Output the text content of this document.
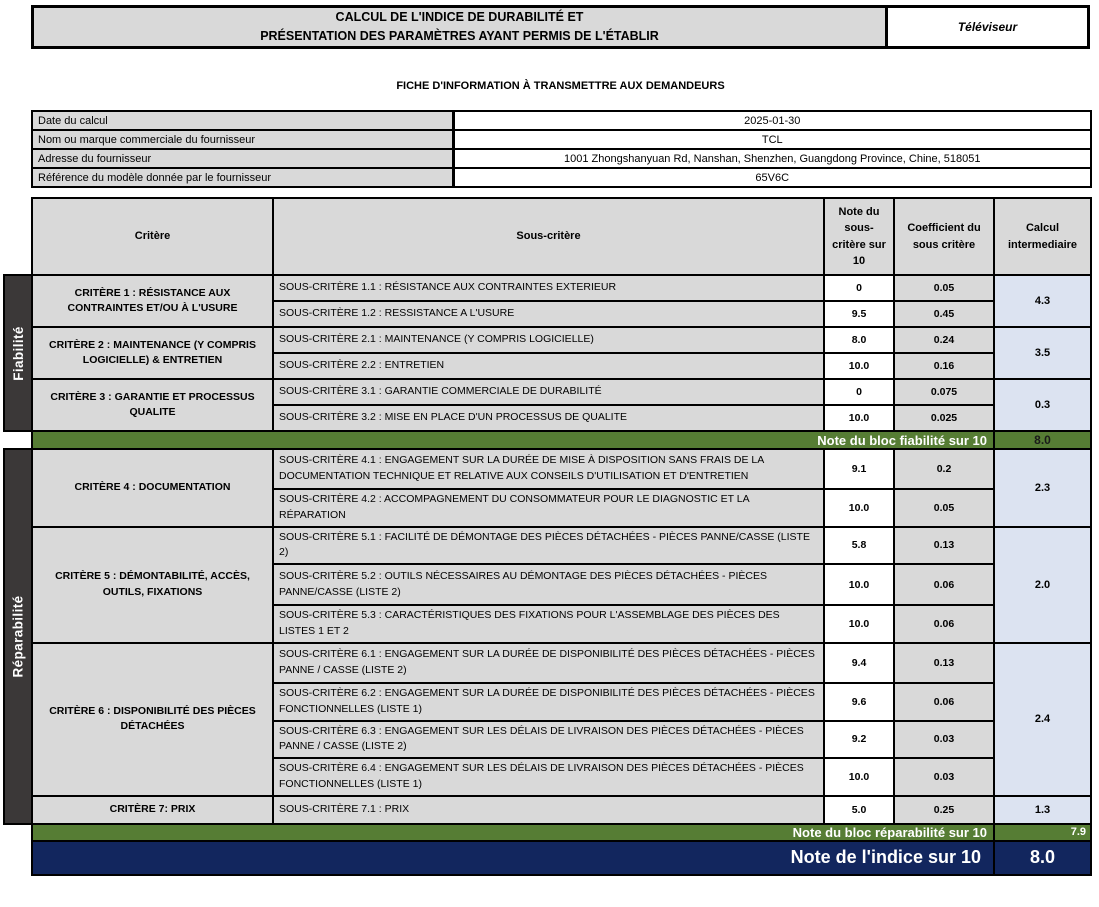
CALCUL DE L'INDICE DE DURABILITÉ ET
PRÉSENTATION DES PARAMÈTRES AYANT PERMIS DE L'ÉTABLIR
Téléviseur
FICHE D'INFORMATION À TRANSMETTRE AUX DEMANDEURS
Date du calcul	2025-01-30
Nom ou marque commerciale du fournisseur	TCL
Adresse du fournisseur	1001 Zhongshanyuan Rd, Nanshan, Shenzhen, Guangdong Province, Chine, 518051
Référence du modèle donnée par le fournisseur	65V6C
	Critère	Sous-critère	Note du sous-critère sur 10	Coefficient du sous critère	Calcul intermediaire

Fiabilité	CRITÈRE 1 : RÉSISTANCE AUX CONTRAINTES ET/OU À L'USURE	SOUS-CRITÈRE 1.1 : RÉSISTANCE AUX CONTRAINTES EXTERIEUR	0	0.05	4.3
		SOUS-CRITÈRE 1.2 : RESSISTANCE A L'USURE	9.5	0.45	
	CRITÈRE 2 : MAINTENANCE (Y COMPRIS LOGICIELLE) & ENTRETIEN	SOUS-CRITÈRE 2.1 : MAINTENANCE (Y COMPRIS LOGICIELLE)	8.0	0.24	3.5
		SOUS-CRITÈRE 2.2 : ENTRETIEN	10.0	0.16	
	CRITÈRE 3 : GARANTIE ET PROCESSUS QUALITE	SOUS-CRITÈRE 3.1 : GARANTIE COMMERCIALE DE DURABILITÉ	0	0.075	0.3
		SOUS-CRITÈRE 3.2 : MISE EN PLACE D'UN PROCESSUS DE QUALITE	10.0	0.025	
	Note du bloc fiabilité sur 10				8.0

Réparabilité	CRITÈRE 4 : DOCUMENTATION	SOUS-CRITÈRE 4.1 : ENGAGEMENT SUR LA DURÉE DE MISE À DISPOSITION SANS FRAIS DE LA DOCUMENTATION TECHNIQUE ET RELATIVE AUX CONSEILS D'UTILISATION ET D'ENTRETIEN	9.1	0.2	2.3
		SOUS-CRITÈRE 4.2 : ACCOMPAGNEMENT DU CONSOMMATEUR POUR LE DIAGNOSTIC ET LA RÉPARATION	10.0	0.05	
	CRITÈRE 5 : DÉMONTABILITÉ, ACCÈS, OUTILS, FIXATIONS	SOUS-CRITÈRE 5.1 : FACILITÉ DE DÉMONTAGE DES PIÈCES DÉTACHÉES - PIÈCES PANNE/CASSE (LISTE 2)	5.8	0.13	2.0
		SOUS-CRITÈRE 5.2 : OUTILS NÉCESSAIRES AU DÉMONTAGE DES PIÈCES DÉTACHÉES - PIÈCES PANNE/CASSE (LISTE 2)	10.0	0.06	
		SOUS-CRITÈRE 5.3 : CARACTÉRISTIQUES DES FIXATIONS POUR L'ASSEMBLAGE DES PIÈCES DES LISTES 1 ET 2	10.0	0.06	
	CRITÈRE 6 : DISPONIBILITÉ DES PIÈCES DÉTACHÉES	SOUS-CRITÈRE 6.1 : ENGAGEMENT SUR LA DURÉE DE DISPONIBILITÉ DES PIÈCES DÉTACHÉES - PIÈCES PANNE / CASSE (LISTE 2)	9.4	0.13	2.4
		SOUS-CRITÈRE 6.2 : ENGAGEMENT SUR LA DURÉE DE DISPONIBILITÉ DES PIÈCES DÉTACHÉES - PIÈCES FONCTIONNELLES (LISTE 1)	9.6	0.06	
		SOUS-CRITÈRE 6.3 : ENGAGEMENT SUR LES DÉLAIS DE LIVRAISON DES PIÈCES DÉTACHÉES - PIÈCES PANNE / CASSE (LISTE 2)	9.2	0.03	
		SOUS-CRITÈRE 6.4 : ENGAGEMENT SUR LES DÉLAIS DE LIVRAISON DES PIÈCES DÉTACHÉES - PIÈCES FONCTIONNELLES (LISTE 1)	10.0	0.03	
	CRITÈRE 7: PRIX	SOUS-CRITÈRE 7.1 : PRIX	5.0	0.25	1.3
	Note du bloc réparabilité sur 10				7.9
	Note de l'indice sur 10				8.0
